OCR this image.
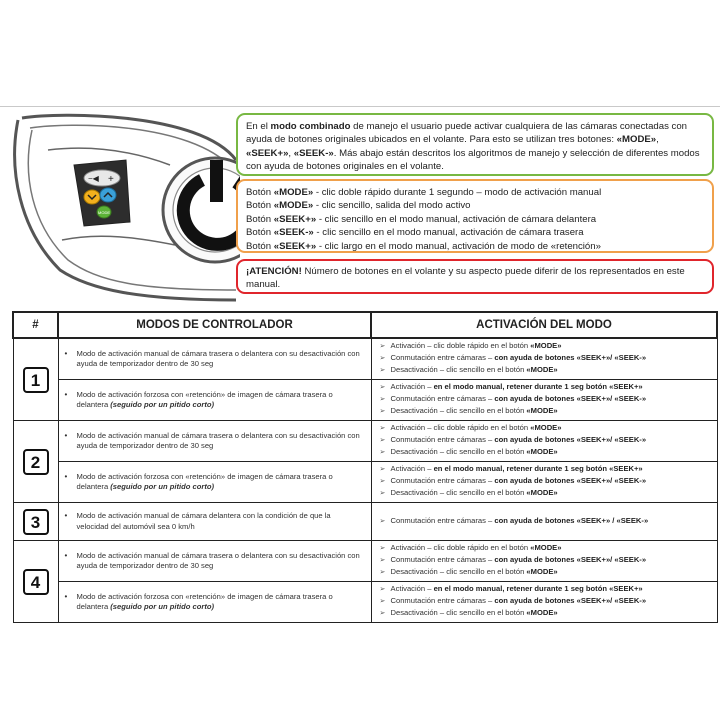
−◀ +
MODE
En el modo combinado de manejo el usuario puede activar cualquiera de las cámaras conectadas con ayuda de botones originales ubicados en el volante. Para esto se utilizan tres botones: «MODE», «SEEK+», «SEEK-». Más abajo están descritos los algoritmos de manejo y selección de diferentes modos con ayuda de botones originales en el volante.
Botón «MODE» - clic doble rápido durante 1 segundo – modo de activación manual
Botón «MODE» - clic sencillo, salida del modo activo
Botón «SEEK+» - clic sencillo en el modo manual, activación de cámara delantera
Botón «SEEK-» - clic sencillo en el modo manual, activación de cámara trasera
Botón «SEEK+» - clic largo en el modo manual, activación de modo de «retención»
¡ATENCIÓN! Número de botones en el volante y su aspecto puede diferir de los representados en este manual.
#	MODOS DE CONTROLADOR	ACTIVACIÓN DEL MODO
1	• Modo de activación manual de cámara trasera o delantera con su desactivación con ayuda de temporizador dentro de 30 seg	➢ Activación – clic doble rápido en el botón «MODE»
➢ Conmutación entre cámaras – con ayuda de botones «SEEK+»/ «SEEK-»
➢ Desactivación – clic sencillo en el botón «MODE»

	• Modo de activación forzosa con «retención» de imagen de cámara trasera o delantera (seguido por un pitido corto)	➢ Activación – en el modo manual, retener durante 1 seg botón «SEEK+»
➢ Conmutación entre cámaras – con ayuda de botones «SEEK+»/ «SEEK-»
➢ Desactivación – clic sencillo en el botón «MODE»

2	• Modo de activación manual de cámara trasera o delantera con su desactivación con ayuda de temporizador dentro de 30 seg	➢ Activación – clic doble rápido en el botón «MODE»
➢ Conmutación entre cámaras – con ayuda de botones «SEEK+»/ «SEEK-»
➢ Desactivación – clic sencillo en el botón «MODE»

	• Modo de activación forzosa con «retención» de imagen de cámara trasera o delantera (seguido por un pitido corto)	➢ Activación – en el modo manual, retener durante 1 seg botón «SEEK+»
➢ Conmutación entre cámaras – con ayuda de botones «SEEK+»/ «SEEK-»
➢ Desactivación – clic sencillo en el botón «MODE»

3	• Modo de activación manual de cámara delantera con la condición de que la velocidad del automóvil sea 0 km/h	➢ Conmutación entre cámaras – con ayuda de botones «SEEK+» / «SEEK-»

4	• Modo de activación manual de cámara trasera o delantera con su desactivación con ayuda de temporizador dentro de 30 seg	➢ Activación – clic doble rápido en el botón «MODE»
➢ Conmutación entre cámaras – con ayuda de botones «SEEK+»/ «SEEK-»
➢ Desactivación – clic sencillo en el botón «MODE»

	• Modo de activación forzosa con «retención» de imagen de cámara trasera o delantera (seguido por un pitido corto)	➢ Activación – en el modo manual, retener durante 1 seg botón «SEEK+»
➢ Conmutación entre cámaras – con ayuda de botones «SEEK+»/ «SEEK-»
➢ Desactivación – clic sencillo en el botón «MODE»
